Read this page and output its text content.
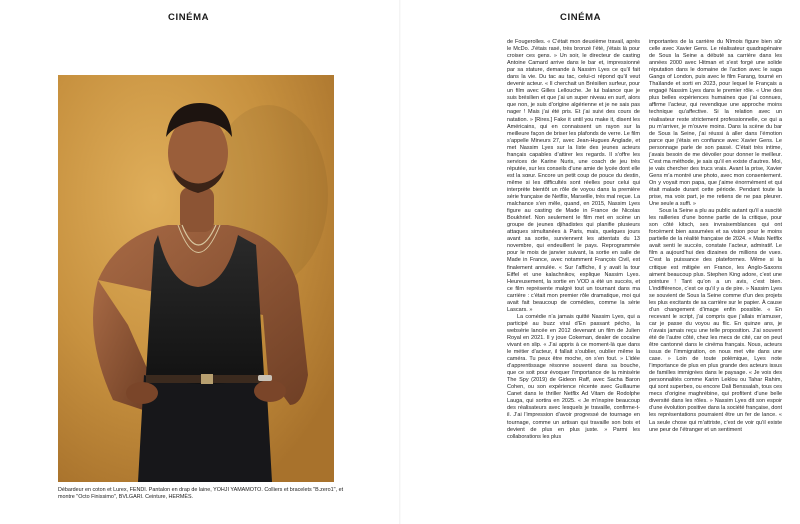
CINÉMA
Débardeur en coton et Lurex, FENDI. Pantalon en drap de laine, YOHJI YAMAMOTO. Colliers et bracelets "B.zero1", et montre "Octo Finissimo", BVLGARI. Ceinture, HERMÈS.
CINÉMA

de Fougerolles. « C’était mon deuxième travail, après le McDo. J’étais rasé, très bronzé l’été, j’étais là pour croiser ces gens. » Un soir, le directeur de casting Antoine Camard arrive dans le bar et, impressionné par sa stature, demande à Nassim Lyes ce qu’il fait dans la vie. Du tac au tac, celui-ci répond qu’il veut devenir acteur. « Il cherchait un Brésilien surfeur, pour un film avec Gilles Lellouche. Je lui balance que je suis brésilien et que j’ai un super niveau en surf, alors que non, je suis d’origine algérienne et je ne sais pas nager ! Mais j’ai été pris. Et j’ai suivi des cours de natation. » [Rires.] Fake it until you make it, disent les Américains, qui en connaissent un rayon sur la meilleure façon de briser les plafonds de verre. Le film s’appelle Mineurs 27, avec Jean-Hugues Anglade, et met Nassim Lyes sur la liste des jeunes acteurs français capables d’attirer les regards. Il s’offre les services de Karine Nuris, une coach de jeu très réputée, sur les conseils d’une amie de lycée dont elle est la sœur. Encore un petit coup de pouce du destin, même si les difficultés sont réelles pour celui qui interprète bientôt un rôle de voyou dans la première série française de Netflix, Marseille, très mal reçue. La malchance s’en mêle, quand, en 2015, Nassim Lyes figure au casting de Made in France de Nicolas Boukhrief. Non seulement le film met en scène un groupe de jeunes djihadistes qui planifie plusieurs attaques simultanées à Paris, mais, quelques jours avant sa sortie, surviennent les attentats du 13 novembre, qui endeuillent le pays. Reprogrammée pour le mois de janvier suivant, la sortie en salle de Made in France, avec notamment François Civil, est finalement annulée. « Sur l’affiche, il y avait la tour Eiffel et une kalachnikov, explique Nassim Lyes. Heureusement, la sortie en VOD a été un succès, et ce film représente malgré tout un tournant dans ma carrière : c’était mon premier rôle dramatique, moi qui avait fait beaucoup de comédies, comme la série Lascars. »

La comédie n’a jamais quitté Nassim Lyes, qui a participé au buzz viral d’En passant pécho, la websérie lancée en 2012 devenant un film de Julien Royal en 2021. Il y joue Cokeman, dealer de cocaïne vivant en slip. « J’ai appris à ce moment-là que dans le métier d’acteur, il fallait s’oublier, oublier même la caméra. Tu peux être moche, on s’en fout. » L’idée d’apprentissage résonne souvent dans sa bouche, que ce soit pour évoquer l’importance de la minisérie The Spy (2019) de Gideon Raff, avec Sacha Baron Cohen, ou son expérience récente avec Guillaume Canet dans le thriller Netflix Ad Vitam de Rodolphe Lauga, qui sortira en 2025. « Je m’inspire beaucoup des réalisateurs avec lesquels je travaille, confirme-t-il. J’ai l’impression d’avoir progressé de tournage en tournage, comme un artisan qui travaille son bois et devient de plus en plus juste. » Parmi les collaborations les plus

importantes de la carrière du Nîmois figure bien sûr celle avec Xavier Gens. Le réalisateur quadragénaire de Sous la Seine a débuté sa carrière dans les années 2000 avec Hitman et s’est forgé une solide réputation dans le domaine de l’action avec le saga Gangs of London, puis avec le film Farang, tourné en Thaïlande et sorti en 2023, pour lequel le Français a engagé Nassim Lyes dans le premier rôle. « Une des plus belles expériences humaines que j’ai connues, affirme l’acteur, qui revendique une approche moins technique qu’affective. Si la relation avec un réalisateur reste strictement professionnelle, ce qui a pu m’arriver, je m’ouvre moins. Dans la scène du bar de Sous la Seine, j’ai réussi à aller dans l’émotion parce que j’étais en confiance avec Xavier Gens. Le personnage parle de son passé. C’était très intime, j’avais besoin de me dévoiler pour donner le meilleur. C’est ma méthode, je sais qu’il en existe d’autres. Moi, je vais chercher des trucs vrais. Avant la prise, Xavier Gens m’a montré une photo, avec mon consentement. On y voyait mon papa, que j’aime énormément et qui était malade durant cette période. Pendant toute la prise, ma voix part, je me retiens de ne pas pleurer. Une seule a suffi. »

Sous la Seine a plu au public autant qu’il a suscité les railleries d’une bonne partie de la critique, pour son côté kitsch, ses invraisemblances qui ont forcément bien assumées et sa vision pour le moins partielle de la réalité française de 2024. « Mais Netflix avait senti le succès, constate l’acteur, admiratif. Le film a aujourd’hui des dizaines de millions de vues. C’est la puissance des plateformes. Même si la critique est mitigée en France, les Anglo-Saxons aiment beaucoup plus. Stephen King adore, c’est une pointure ! Tant qu’on a un avis, c’est bien. L’indifférence, c’est ce qu’il y a de pire. » Nassim Lyes se souvient de Sous la Seine comme d’un des projets les plus excitants de sa carrière sur le papier. À cause d’un changement d’image enfin possible. « En recevant le script, j’ai compris que j’allais m’amuser, car je passe du voyou au flic. En quinze ans, je n’avais jamais reçu une telle proposition. J’ai souvent été de l’autre côté, chez les mecs de cité, car on peut être cantonné dans le cinéma français. Nous, acteurs issus de l’immigration, on nous met vite dans une case. » Loin de toute polémique, Lyes note l’importance de plus en plus grande des acteurs issus de familles immigrées dans le paysage. « Je vois des personnalités comme Karim Leklou ou Tahar Rahim, qui sont superbes, ou encore Dali Benssalah, tous ces mecs d’origine maghrébine, qui profitent d’une belle diversité dans les rôles. » Nassim Lyes dit son espoir d’une évolution positive dans la société française, dont les représentations pourraient être un fer de lance. « La seule chose qui m’attriste, c’est de voir qu’il existe une peur de l’étranger et un sentiment
